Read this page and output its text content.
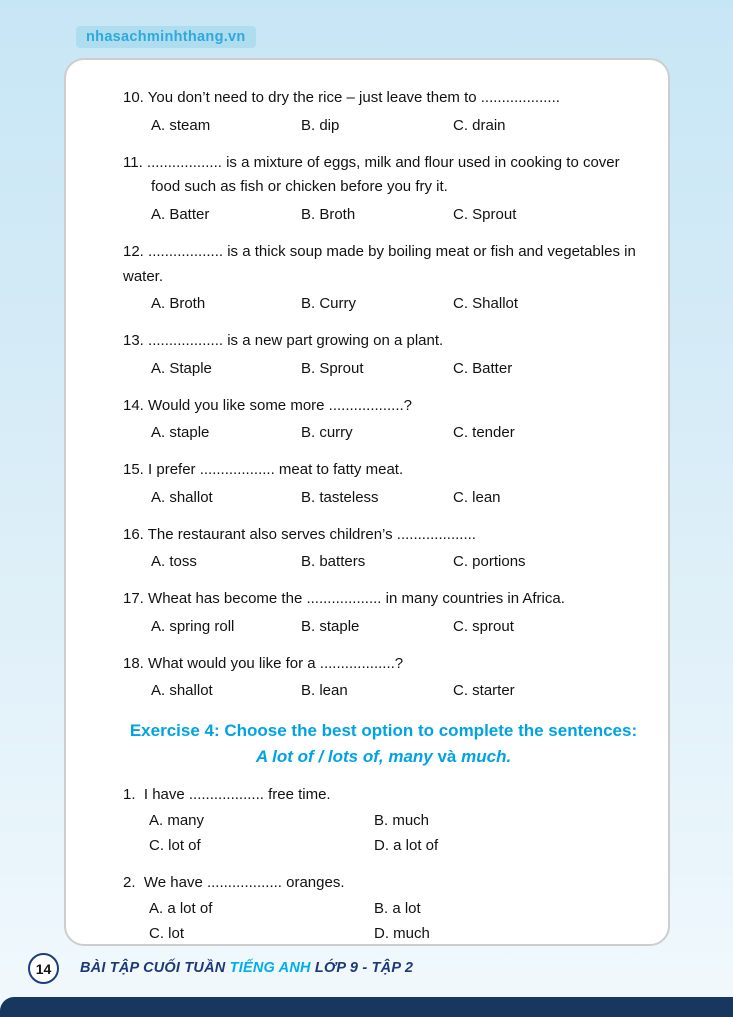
nhasachminhthang.vn

10. You don’t need to dry the rice – just leave them to ...................

A. steam	B. dip	C. drain

11. .................. is a mixture of eggs, milk and flour used in cooking to cover food such as fish or chicken before you fry it.

A. Batter	B. Broth	C. Sprout

12. .................. is a thick soup made by boiling meat or fish and vegetables in water.

A. Broth	B. Curry	C. Shallot

13. .................. is a new part growing on a plant.

A. Staple	B. Sprout	C. Batter

14. Would you like some more ..................?

A. staple	B. curry	C. tender

15. I prefer .................. meat to fatty meat.

A. shallot	B. tasteless	C. lean

16. The restaurant also serves children’s ...................

A. toss	B. batters	C. portions

17. Wheat has become the .................. in many countries in Africa.

A. spring roll	B. staple	C. sprout

18. What would you like for a ..................?

A. shallot	B. lean	C. starter
Exercise 4: Choose the best option to complete the sentences: A lot of / lots of, many và much.

1. I have .................. free time.

A. many	B. much
C. lot of	D. a lot of

2. We have .................. oranges.

A. a lot of	B. a lot
C. lot	D. much
14	BÀI TẬP CUỐI TUẦN TIẾNG ANH LỚP 9 - TẬP 2
